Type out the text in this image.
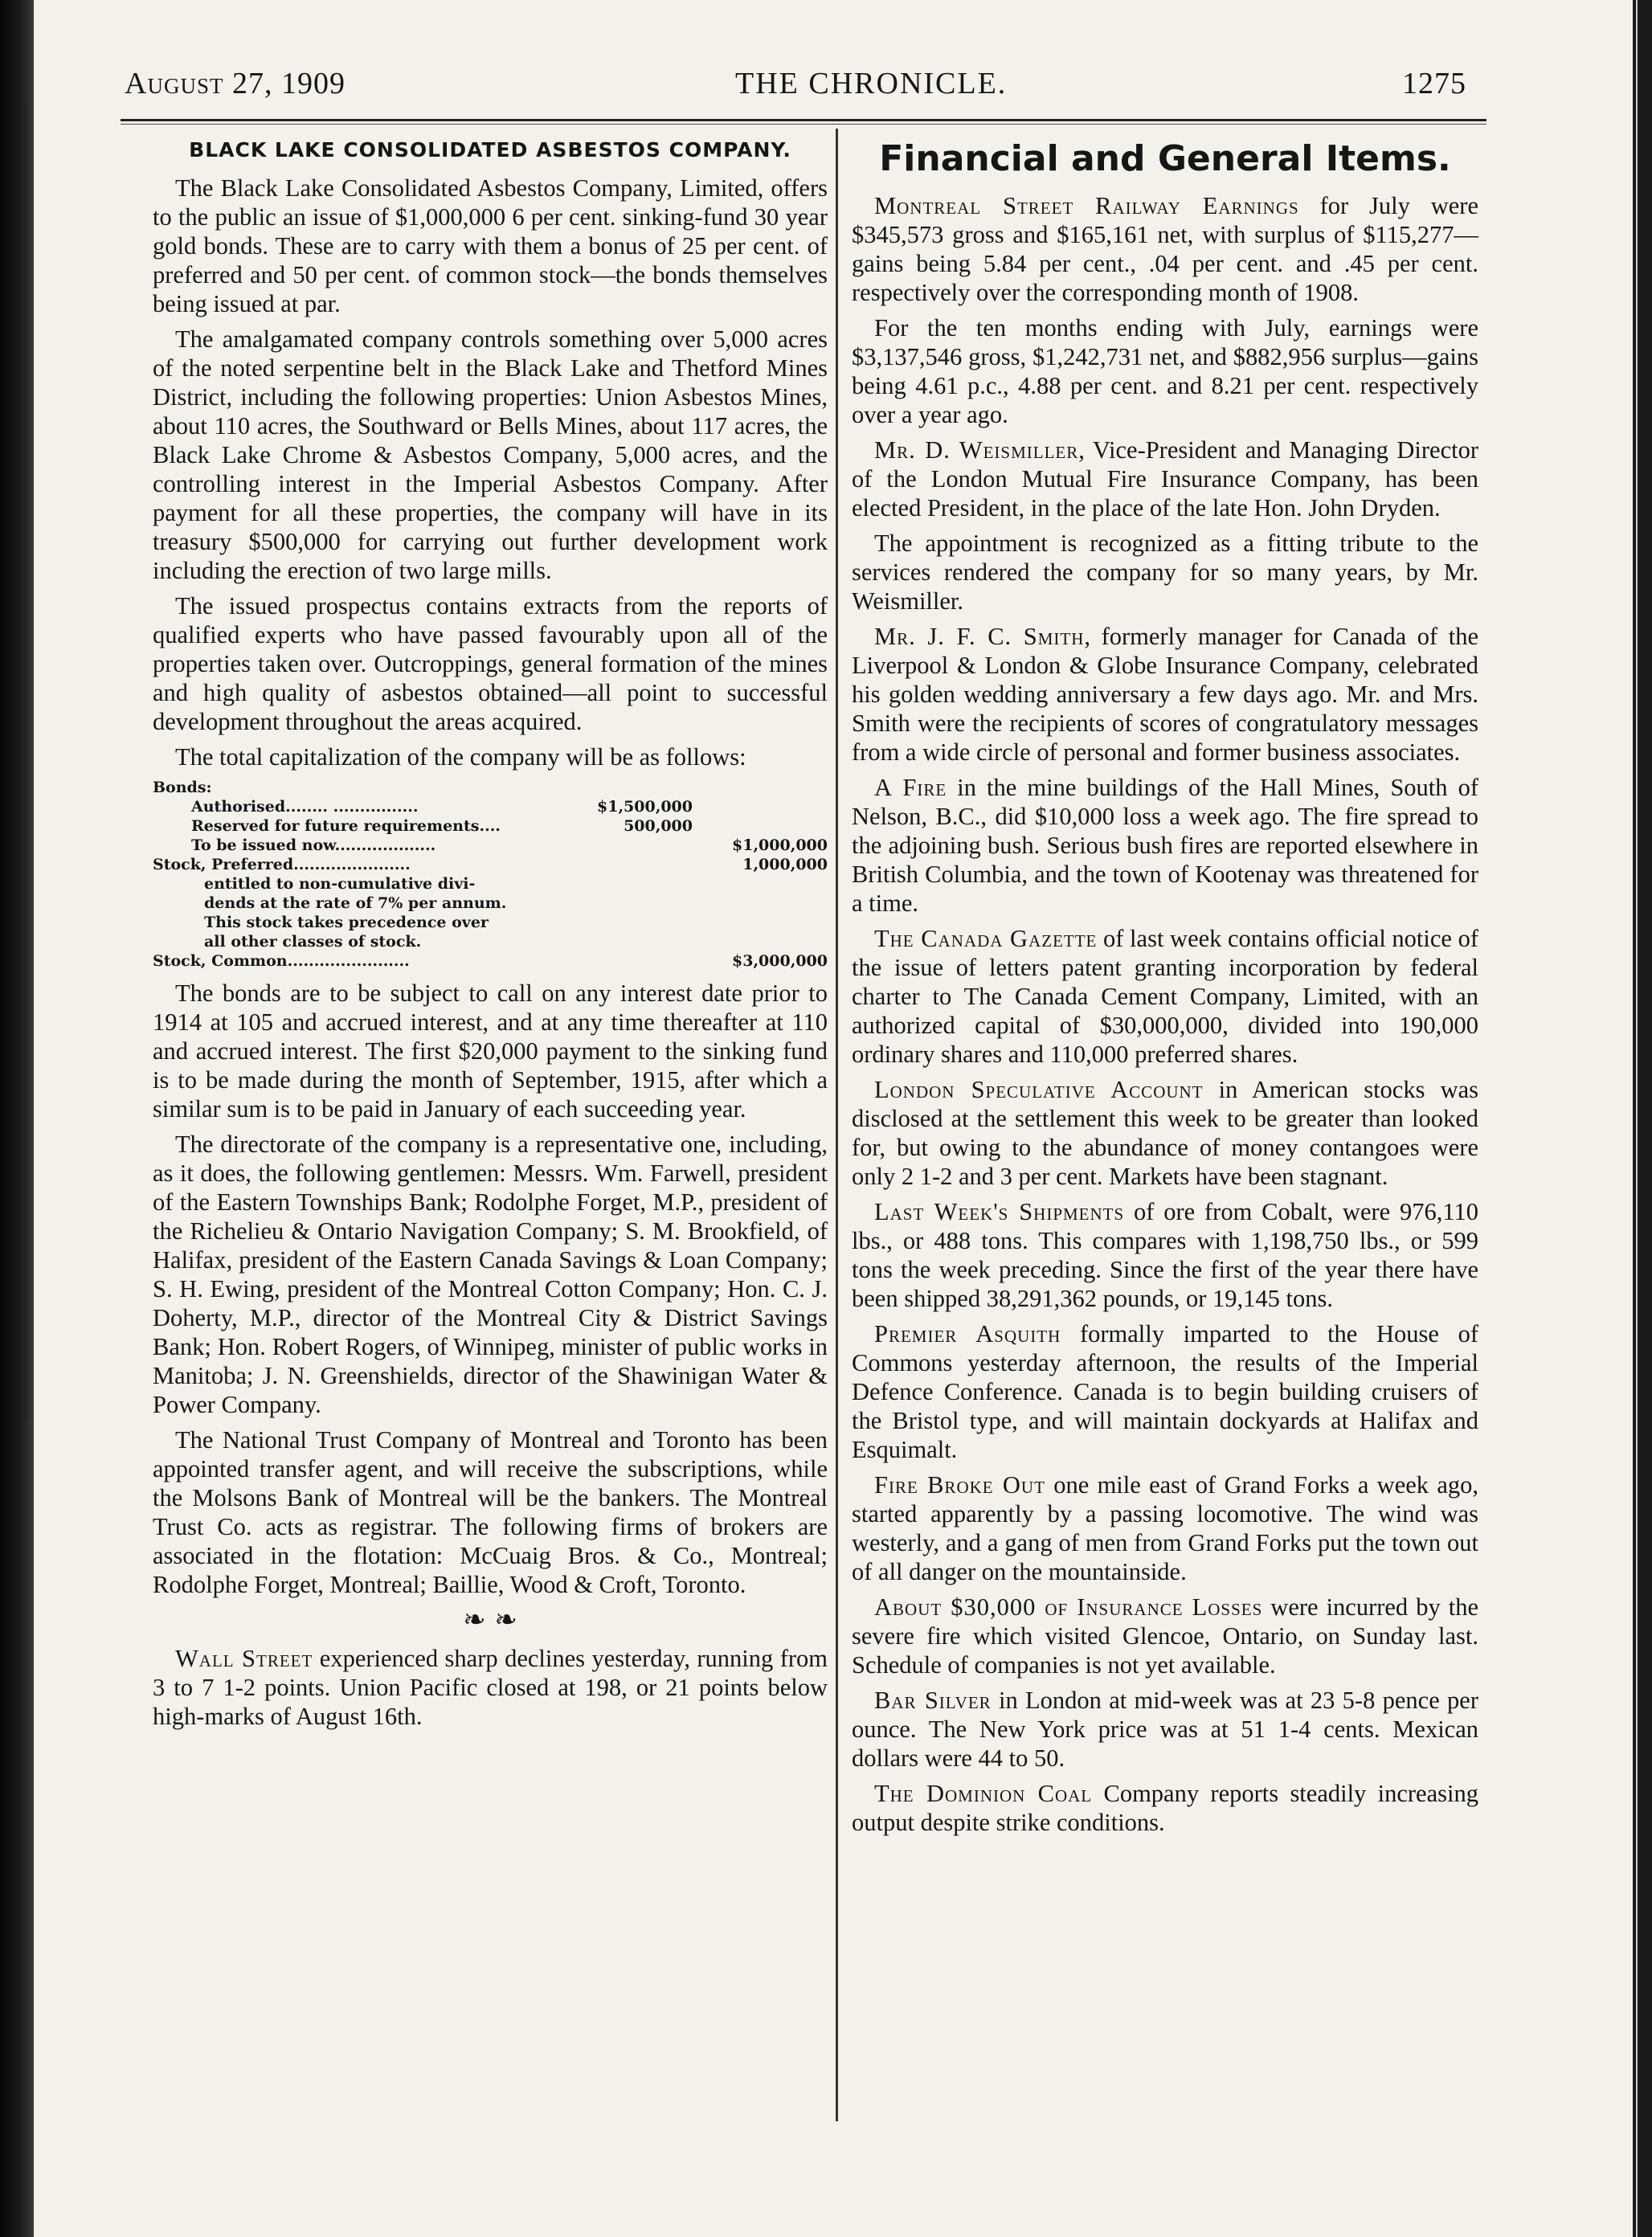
August 27, 1909	THE CHRONICLE.	1275
BLACK LAKE CONSOLIDATED ASBESTOS COMPANY.

The Black Lake Consolidated Asbestos Company, Limited, offers to the public an issue of $1,000,000 6 per cent. sinking-fund 30 year gold bonds. These are to carry with them a bonus of 25 per cent. of preferred and 50 per cent. of common stock—the bonds themselves being issued at par.

The amalgamated company controls something over 5,000 acres of the noted serpentine belt in the Black Lake and Thetford Mines District, including the following properties: Union Asbestos Mines, about 110 acres, the Southward or Bells Mines, about 117 acres, the Black Lake Chrome & Asbestos Company, 5,000 acres, and the controlling interest in the Imperial Asbestos Company. After payment for all these properties, the company will have in its treasury $500,000 for carrying out further development work including the erection of two large mills.

The issued prospectus contains extracts from the reports of qualified experts who have passed favourably upon all of the properties taken over. Outcroppings, general formation of the mines and high quality of asbestos obtained—all point to successful development throughout the areas acquired.

The total capitalization of the company will be as follows:

Bonds:		
Authorised........ ................	$1,500,000	
Reserved for future requirements....	500,000	
To be issued now...................		$1,000,000
Stock, Preferred......................		1,000,000
entitled to non-cumulative divi-		
dends at the rate of 7% per annum.		
This stock takes precedence over		
all other classes of stock.		
Stock, Common.......................		$3,000,000

The bonds are to be subject to call on any interest date prior to 1914 at 105 and accrued interest, and at any time thereafter at 110 and accrued interest. The first $20,000 payment to the sinking fund is to be made during the month of September, 1915, after which a similar sum is to be paid in January of each succeeding year.

The directorate of the company is a representative one, including, as it does, the following gentlemen: Messrs. Wm. Farwell, president of the Eastern Townships Bank; Rodolphe Forget, M.P., president of the Richelieu & Ontario Navigation Company; S. M. Brookfield, of Halifax, president of the Eastern Canada Savings & Loan Company; S. H. Ewing, president of the Montreal Cotton Company; Hon. C. J. Doherty, M.P., director of the Montreal City & District Savings Bank; Hon. Robert Rogers, of Winnipeg, minister of public works in Manitoba; J. N. Greenshields, director of the Shawinigan Water & Power Company.

The National Trust Company of Montreal and Toronto has been appointed transfer agent, and will receive the subscriptions, while the Molsons Bank of Montreal will be the bankers. The Montreal Trust Co. acts as registrar. The following firms of brokers are associated in the flotation: McCuaig Bros. & Co., Montreal; Rodolphe Forget, Montreal; Baillie, Wood & Croft, Toronto.

❧ ❧

Wall Street experienced sharp declines yesterday, running from 3 to 7 1-2 points. Union Pacific closed at 198, or 21 points below high-marks of August 16th.

Financial and General Items.

Montreal Street Railway Earnings for July were $345,573 gross and $165,161 net, with surplus of $115,277—gains being 5.84 per cent., .04 per cent. and .45 per cent. respectively over the corresponding month of 1908.

For the ten months ending with July, earnings were $3,137,546 gross, $1,242,731 net, and $882,956 surplus—gains being 4.61 p.c., 4.88 per cent. and 8.21 per cent. respectively over a year ago.

Mr. D. Weismiller, Vice-President and Managing Director of the London Mutual Fire Insurance Company, has been elected President, in the place of the late Hon. John Dryden.

The appointment is recognized as a fitting tribute to the services rendered the company for so many years, by Mr. Weismiller.

Mr. J. F. C. Smith, formerly manager for Canada of the Liverpool & London & Globe Insurance Company, celebrated his golden wedding anniversary a few days ago. Mr. and Mrs. Smith were the recipients of scores of congratulatory messages from a wide circle of personal and former business associates.

A Fire in the mine buildings of the Hall Mines, South of Nelson, B.C., did $10,000 loss a week ago. The fire spread to the adjoining bush. Serious bush fires are reported elsewhere in British Columbia, and the town of Kootenay was threatened for a time.

The Canada Gazette of last week contains official notice of the issue of letters patent granting incorporation by federal charter to The Canada Cement Company, Limited, with an authorized capital of $30,000,000, divided into 190,000 ordinary shares and 110,000 preferred shares.

London Speculative Account in American stocks was disclosed at the settlement this week to be greater than looked for, but owing to the abundance of money contangoes were only 2 1-2 and 3 per cent. Markets have been stagnant.

Last Week's Shipments of ore from Cobalt, were 976,110 lbs., or 488 tons. This compares with 1,198,750 lbs., or 599 tons the week preceding. Since the first of the year there have been shipped 38,291,362 pounds, or 19,145 tons.

Premier Asquith formally imparted to the House of Commons yesterday afternoon, the results of the Imperial Defence Conference. Canada is to begin building cruisers of the Bristol type, and will maintain dockyards at Halifax and Esquimalt.

Fire Broke Out one mile east of Grand Forks a week ago, started apparently by a passing locomotive. The wind was westerly, and a gang of men from Grand Forks put the town out of all danger on the mountainside.

About $30,000 of Insurance Losses were incurred by the severe fire which visited Glencoe, Ontario, on Sunday last. Schedule of companies is not yet available.

Bar Silver in London at mid-week was at 23 5-8 pence per ounce. The New York price was at 51 1-4 cents. Mexican dollars were 44 to 50.

The Dominion Coal Company reports steadily increasing output despite strike conditions.
